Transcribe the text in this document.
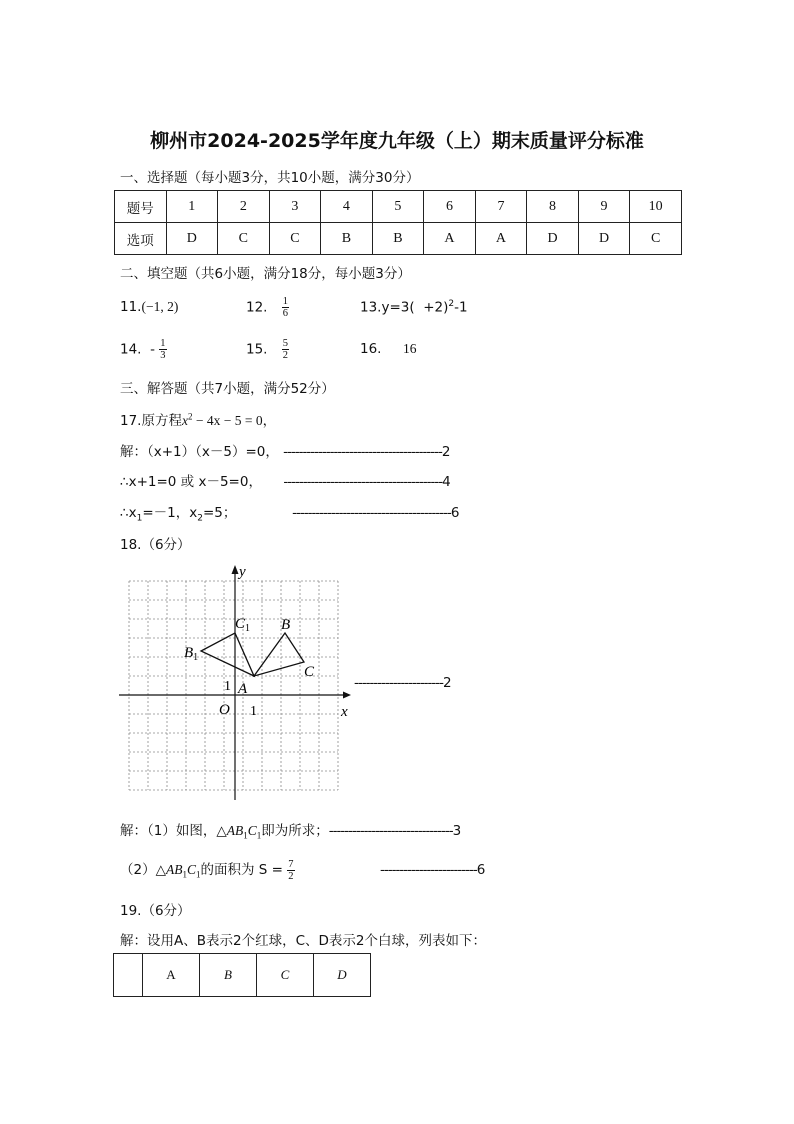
柳州市2024-2025学年度九年级（上）期末质量评分标准
一、选择题（每小题3分，共10小题，满分30分）
题号	1	2	3	4	5	6	7	8	9	10
选项	D	C	C	B	B	A	A	D	D	C
二、填空题（共6小题，满分18分，每小题3分）
11.(−1, 2)	12. $\frac{1}{6}$	$13.y=3( +2)^2-1$
14. - $\frac{1}{3}$	15. $\frac{5}{2}$	16. 16
三、解答题（共7小题，满分52分）
17.原方程$x^2 - 4x - 5 = 0$，
解：（x+1）（x－5）=0， -----------------------------------------2
∴x+1=0 或 x－5=0， -----------------------------------------4
$\therefore x_1=-1$，$x_2=5$；	-----------------------------------------6
18.（6分）
x
y
O 1
1 A
B
C
$B_1$
$C_1$
-----------------------2
解：（1）如图，$\triangle AB_1C_1$即为所求；--------------------------------3
$(2)\triangle AB_1C_1$的面积为 $S = \frac{7}{2}$	-------------------------6
19.（6分）
解：设用A、B表示2个红球，C、D表示2个白球，列表如下：
	A	B	C	D
